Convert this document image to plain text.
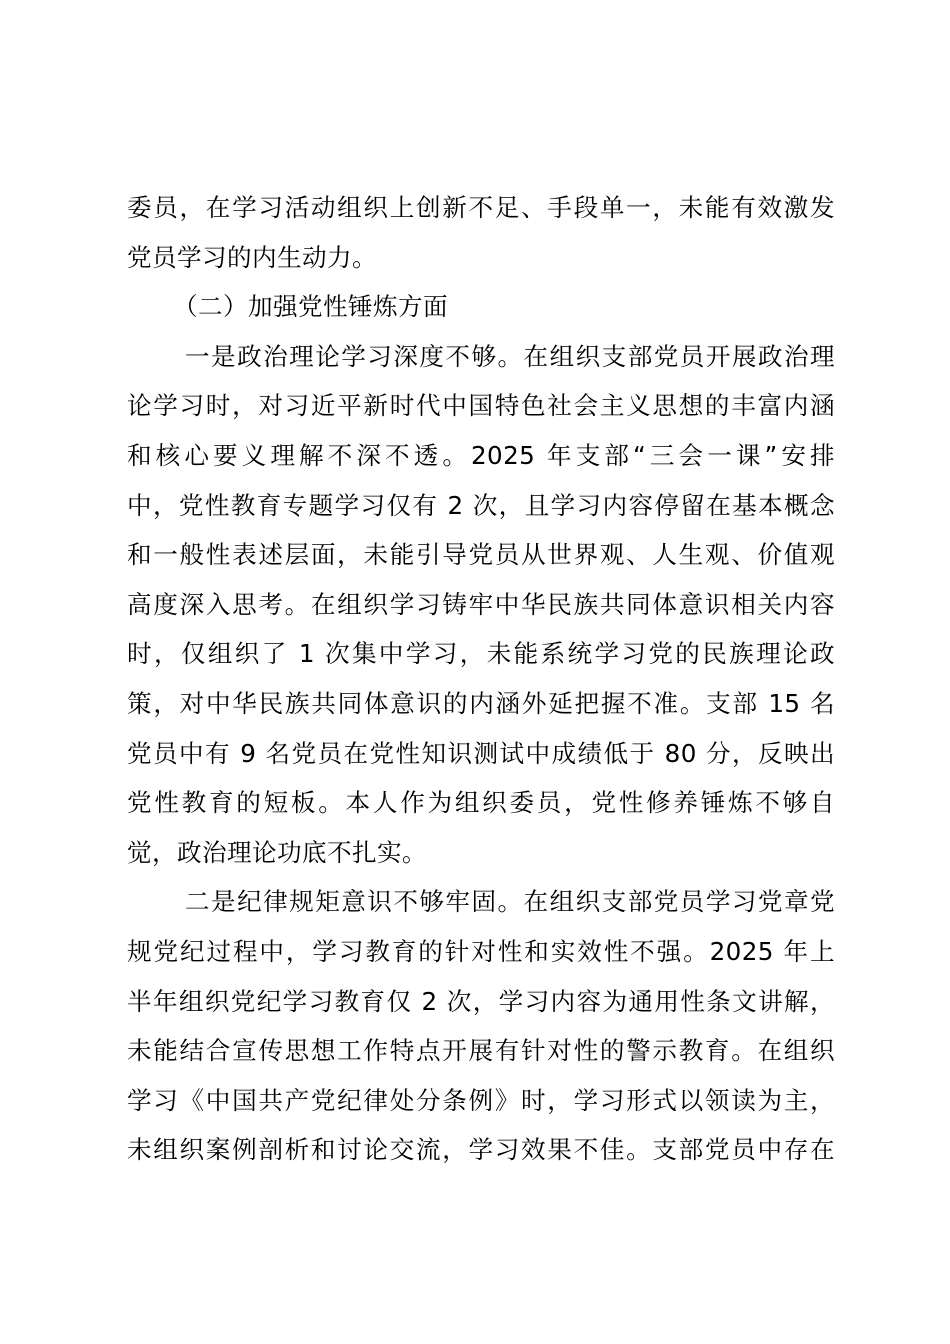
委员，在学习活动组织上创新不足、手段单一，未能有效激发
党员学习的内生动力。
（二）加强党性锤炼方面
一是政治理论学习深度不够。在组织支部党员开展政治理
论学习时，对习近平新时代中国特色社会主义思想的丰富内涵
和核心要义理解不深不透。2025 年支部“三会一课”安排
中，党性教育专题学习仅有 2 次，且学习内容停留在基本概念
和一般性表述层面，未能引导党员从世界观、人生观、价值观
高度深入思考。在组织学习铸牢中华民族共同体意识相关内容
时，仅组织了 1 次集中学习，未能系统学习党的民族理论政
策，对中华民族共同体意识的内涵外延把握不准。支部 15 名
党员中有 9 名党员在党性知识测试中成绩低于 80 分，反映出
党性教育的短板。本人作为组织委员，党性修养锤炼不够自
觉，政治理论功底不扎实。
二是纪律规矩意识不够牢固。在组织支部党员学习党章党
规党纪过程中，学习教育的针对性和实效性不强。2025 年上
半年组织党纪学习教育仅 2 次，学习内容为通用性条文讲解，
未能结合宣传思想工作特点开展有针对性的警示教育。在组织
学习《中国共产党纪律处分条例》时，学习形式以领读为主，
未组织案例剖析和讨论交流，学习效果不佳。支部党员中存在
